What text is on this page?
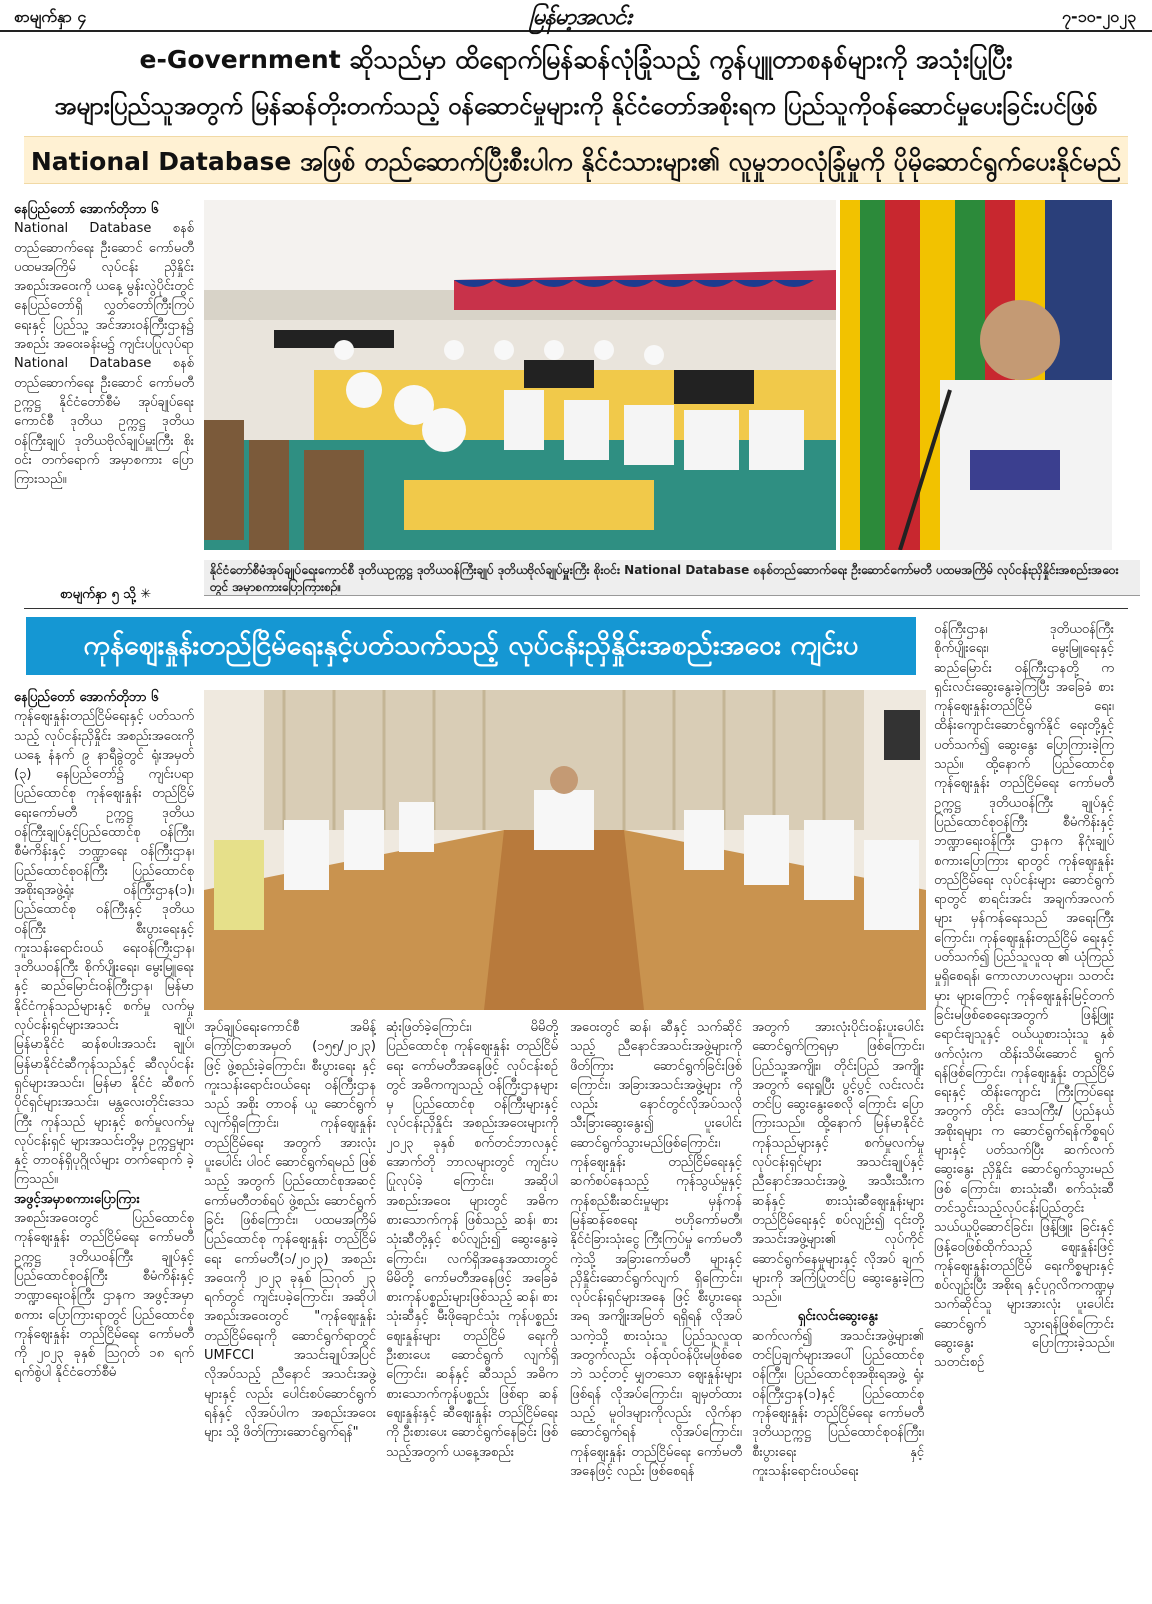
စာမျက်နှာ ၄	မြန်မာ့အလင်း	၇-၁၀-၂၀၂၃
e-Government ဆိုသည်မှာ ထိရောက်မြန်ဆန်လုံခြုံသည့် ကွန်ပျူတာစနစ်များကို အသုံးပြုပြီး
အများပြည်သူအတွက် မြန်ဆန်တိုးတက်သည့် ဝန်ဆောင်မှုများကို နိုင်ငံတော်အစိုးရက ပြည်သူကိုဝန်ဆောင်မှုပေးခြင်းပင်ဖြစ်
National Database အဖြစ် တည်ဆောက်ပြီးစီးပါက နိုင်ငံသားများ၏ လူမှုဘဝလုံခြုံမှုကို ပိုမိုဆောင်ရွက်ပေးနိုင်မည်

နေပြည်တော် အောက်တိုဘာ ၆

National Database စနစ် တည်ဆောက်ရေး ဦးဆောင် ကော်မတီ ပထမအကြိမ် လုပ်ငန်း ညှိနှိုင်းအစည်းအဝေးကို ယနေ့ မွန်းလွဲပိုင်းတွင် နေပြည်တော်ရှိ လွှတ်တော်ကြီးကြပ်ရေးနှင့် ပြည်သူ့ အင်အားဝန်ကြီးဌာန၌ အစည်း အဝေးခန်းမ၌ ကျင်းပပြုလုပ်ရာ National Database စနစ် တည်ဆောက်ရေး ဦးဆောင် ကော်မတီဥက္ကဋ္ဌ နိုင်ငံတော်စီမံ အုပ်ချုပ်ရေးကောင်စီ ဒုတိယ ဥက္ကဋ္ဌ ဒုတိယဝန်ကြီးချုပ် ဒုတိယဗိုလ်ချုပ်မှူးကြီး စိုးဝင်း တက်ရောက် အမှာစကား ပြောကြားသည်။

စာမျက်နှာ ၅ သို့ ✳
နိုင်ငံတော်စီမံအုပ်ချုပ်ရေးကောင်စီ ဒုတိယဥက္ကဋ္ဌ ဒုတိယဝန်ကြီးချုပ် ဒုတိယဗိုလ်ချုပ်မှူးကြီး စိုးဝင်း National Database စနစ်တည်ဆောက်ရေး ဦးဆောင်ကော်မတီ ပထမအကြိမ် လုပ်ငန်းညှိနှိုင်းအစည်းအဝေးတွင် အမှာစကားပြောကြားစဉ်။
ကုန်ဈေးနှုန်းတည်ငြိမ်ရေးနှင့်ပတ်သက်သည့် လုပ်ငန်းညှိနှိုင်းအစည်းအဝေး ကျင်းပ

ဝန်ကြီးဌာန၊ ဒုတိယဝန်ကြီး စိုက်ပျိုးရေး၊ မွေးမြူရေးနှင့် ဆည်မြောင်း ဝန်ကြီးဌာနတို့ က ရှင်းလင်းဆွေးနွေးခဲ့ကြပြီး အခြေခံ စားကုန်ဈေးနှုန်းတည်ငြိမ် ရေး၊ ထိန်းကျောင်းဆောင်ရွက်နိုင် ရေးတို့နှင့်ပတ်သက်၍ ဆွေးနွေး ပြောကြားခဲ့ကြသည်။ ထို့နောက် ပြည်ထောင်စု ကုန်ဈေးနှုန်း တည်ငြိမ်ရေး ကော်မတီဥက္ကဋ္ဌ ဒုတိယဝန်ကြီး ချုပ်နှင့် ပြည်ထောင်စုဝန်ကြီး စီမံကိန်းနှင့် ဘဏ္ဍာရေးဝန်ကြီး ဌာနက နိဂုံးချုပ်စကားပြောကြား ရာတွင် ကုန်ဈေးနှုန်းတည်ငြိမ်ရေး လုပ်ငန်းများ ဆောင်ရွက်ရာတွင် စာရင်းအင်း အချက်အလက်များ မှန်ကန်ရေးသည် အရေးကြီး ကြောင်း၊ ကုန်ဈေးနှုန်းတည်ငြိမ် ရေးနှင့်ပတ်သက်၍ ပြည်သူလူထု ၏ ယုံကြည်မှုရှိစေရန်၊ ကောလာဟလများ၊ သတင်းမှား များကြောင့် ကုန်ဈေးနှုန်းမြင့်တက် ခြင်းမဖြစ်စေရေးအတွက် ဖြန့်ဖြူး ရောင်းချသူနှင့် ဝယ်ယူစားသုံးသူ နှစ်ဖက်လုံးက ထိန်းသိမ်းဆောင် ရွက်ရန်ဖြစ်ကြောင်း၊ ကုန်ဈေးနှုန်း တည်ငြိမ်ရေးနှင့် ထိန်းကျောင်း ကြီးကြပ်ရေးအတွက် တိုင်း ဒေသကြီး/ ပြည်နယ်အစိုးရများ က ဆောင်ရွက်ရန်ကိစ္စရပ်များနှင့် ပတ်သက်ပြီး ဆက်လက်ဆွေးနွေး ညှိနှိုင်း ဆောင်ရွက်သွားမည်ဖြစ် ကြောင်း၊ စားသုံးဆီ၊ စက်သုံးဆီ တင်သွင်းသည့်လုပ်ငန်းပြည်တွင်း သယ်ယူပို့ဆောင်ခြင်း၊ ဖြန့်ဖြူး ခြင်းနှင့် ဖြန့်ဝေဖြစ်ထိုက်သည့် ဈေးနှုန်းဖြင့် ကုန်ဈေးနှုန်းတည်ငြိမ် ရေးကိစ္စများနှင့်စပ်လျဉ်းပြီး အစိုးရ နှင့်ပုဂ္ဂလိကကဏ္ဍမှ သက်ဆိုင်သူ များအားလုံး ပူးပေါင်းဆောင်ရွက် သွားရန်ဖြစ်ကြောင်း ဆွေးနွေး ပြောကြားခဲ့သည်။ သတင်းစဉ်

နေပြည်တော် အောက်တိုဘာ ၆

ကုန်ဈေးနှုန်းတည်ငြိမ်ရေးနှင့် ပတ်သက်သည့် လုပ်ငန်းညှိနှိုင်း အစည်းအဝေးကို ယနေ့ နံနက် ၉ နာရီခွဲတွင် ရုံးအမှတ် (၃) နေပြည်တော်၌ ကျင်းပရာ ပြည်ထောင်စု ကုန်ဈေးနှုန်း တည်ငြိမ်ရေးကော်မတီ ဥက္ကဋ္ဌ ဒုတိယဝန်ကြီးချုပ်နှင့်ပြည်ထောင်စု ဝန်ကြီး၊ စီမံကိန်းနှင့် ဘဏ္ဍာရေး ဝန်ကြီးဌာန၊ပြည်ထောင်စုဝန်ကြီး ပြည်ထောင်စု အစိုးရအဖွဲ့ရုံး ဝန်ကြီးဌာန(၁)၊ ပြည်ထောင်စု ဝန်ကြီးနှင့် ဒုတိယဝန်ကြီး စီးပွားရေးနှင့် ကူးသန်းရောင်းဝယ် ရေးဝန်ကြီးဌာန၊ ဒုတိယဝန်ကြီး စိုက်ပျိုးရေး၊ မွေးမြူရေးနှင့် ဆည်မြောင်းဝန်ကြီးဌာန၊ မြန်မာ နိုင်ငံကုန်သည်များနှင့် စက်မှု လက်မှု လုပ်ငန်းရှင်များအသင်း ချုပ်၊ မြန်မာနိုင်ငံ ဆန်စပါးအသင်း ချုပ်၊ မြန်မာနိုင်ငံဆီကုန်သည်နှင့် ဆီလုပ်ငန်းရှင်များအသင်း၊ မြန်မာ နိုင်ငံ ဆီစက်ပိုင်ရှင်များအသင်း၊ မန္တလေးတိုင်းဒေသကြီး ကုန်သည် များနှင့် စက်မှုလက်မှုလုပ်ငန်းရှင် များအသင်းတို့မှ ဥက္ကဋ္ဌများနှင့် တာဝန်ရှိပုဂ္ဂိုလ်များ တက်ရောက် ခဲ့ကြသည်။

အဖွင့်အမှာစကားပြောကြား

အစည်းအဝေးတွင် ပြည်ထောင်စု ကုန်ဈေးနှုန်း တည်ငြိမ်ရေး ကော်မတီဥက္ကဋ္ဌ ဒုတိယဝန်ကြီး ချုပ်နှင့် ပြည်ထောင်စုဝန်ကြီး စီမံကိန်းနှင့် ဘဏ္ဍာရေးဝန်ကြီး ဌာနက အဖွင့်အမှာစကား ပြောကြားရာတွင် ပြည်ထောင်စု ကုန်ဈေးနှုန်း တည်ငြိမ်ရေး ကော်မတီကို ၂၀၂၃ ခုနှစ် ဩဂုတ် ၁၈ ရက် ရက်စွဲပါ နိုင်ငံတော်စီမံ

အုပ်ချုပ်ရေးကောင်စီ အမိန့် ကြော်ငြာစာအမှတ် (၁၅၅/၂၀၂၃) ဖြင့် ဖွဲ့စည်းခဲ့ကြောင်း၊ စီးပွားရေး နှင့် ကူးသန်းရောင်းဝယ်ရေး ဝန်ကြီးဌာနသည် အစိုး တာဝန် ယူ ဆောင်ရွက်လျက်ရှိကြောင်း၊ ကုန်ဈေးနှုန်း တည်ငြိမ်ရေး အတွက် အားလုံးပူးပေါင်း ပါဝင် ဆောင်ရွက်ရမည် ဖြစ်သည့် အတွက် ပြည်ထောင်စုအဆင့် ကော်မတီတစ်ရပ် ဖွဲ့စည်း ဆောင်ရွက်ခြင်း ဖြစ်ကြောင်း၊ ပထမအကြိမ် ပြည်ထောင်စု ကုန်ဈေးနှုန်း တည်ငြိမ်ရေး ကော်မတီ(၁/၂၀၂၃) အစည်း အဝေးကို ၂၀၂၃ ခုနှစ် ဩဂုတ် ၂၃ ရက်တွင် ကျင်းပခဲ့ကြောင်း၊ အဆိုပါ အစည်းအဝေးတွင် "ကုန်ဈေးနှုန်း တည်ငြိမ်ရေးကို ဆောင်ရွက်ရာတွင် UMFCCI အသင်းချုပ်အပြင် လိုအပ်သည့် ညီနောင် အသင်းအဖွဲ့များနှင့် လည်း ပေါင်းစပ်ဆောင်ရွက်ရန်နှင့် လိုအပ်ပါက အစည်းအဝေးများ သို့ ဖိတ်ကြားဆောင်ရွက်ရန်"

ဆုံးဖြတ်ခဲ့ကြောင်း၊ မိမိတို့ ပြည်ထောင်စု ကုန်ဈေးနှုန်း တည်ငြိမ်ရေး ကော်မတီအနေဖြင့် လုပ်ငန်းစဉ်တွင် အဓိကကျသည့် ဝန်ကြီးဌာနများမှ ပြည်ထောင်စု ဝန်ကြီးများနှင့် လုပ်ငန်းညှိနှိုင်း အစည်းအဝေးများကို ၂၀၂၃ ခုနှစ် စက်တင်ဘာလနှင့် အောက်တို ဘာလများတွင် ကျင်းပပြုလုပ်ခဲ့ ကြောင်း၊ အဆိုပါ အစည်းအဝေး များတွင် အဓိကစားသောက်ကုန် ဖြစ်သည့် ဆန်၊ စားသုံးဆီတို့နှင့် စပ်လျဉ်း၍ ဆွေးနွေးခဲ့ကြောင်း၊ လက်ရှိအနေအထားတွင် မိမိတို့ ကော်မတီအနေဖြင့် အခြေခံ စားကုန်ပစ္စည်းများဖြစ်သည့် ဆန်၊ စားသုံးဆီနှင့် မီးဖိုချောင်သုံး ကုန်ပစ္စည်းဈေးနှုန်းများ တည်ငြိမ် ရေးကို ဦးစားပေး ဆောင်ရွက် လျက်ရှိကြောင်း၊ ဆန်နှင့် ဆီသည် အဓိက စားသောက်ကုန်ပစ္စည်း ဖြစ်ရာ ဆန်ဈေးနှုန်းနှင့် ဆီဈေးနှုန်း တည်ငြိမ်ရေးကို ဦးစားပေး ဆောင်ရွက်နေခြင်း ဖြစ်သည့်အတွက် ယနေ့အစည်း

အဝေးတွင် ဆန်၊ ဆီနှင့် သက်ဆိုင် သည့် ညီနောင်အသင်းအဖွဲ့များကို ဖိတ်ကြား ဆောင်ရွက်ခြင်းဖြစ် ကြောင်း၊ အခြားအသင်းအဖွဲ့များ ကိုလည်း နောင်တွင်လိုအပ်သလို သီးခြားဆွေးနွေး၍ ပူးပေါင်း ဆောင်ရွက်သွားမည်ဖြစ်ကြောင်း၊ ကုန်ဈေးနှုန်း တည်ငြိမ်ရေးနှင့် ဆက်စပ်နေသည့် ကုန်သွယ်မှုနှင့် ကုန်စည်စီးဆင်းမှုများ မှန်ကန် မြန်ဆန်စေရေး ဗဟိုကော်မတီ၊ နိုင်ငံခြားသုံးငွေ ကြီးကြပ်မှု ကော်မတီကဲ့သို့ အခြားကော်မတီ များနှင့် ညှိနှိုင်းဆောင်ရွက်လျက် ရှိကြောင်း၊ လုပ်ငန်းရှင်များအနေ ဖြင့် စီးပွားရေးအရ အကျိုးအမြတ် ရရှိရန် လိုအပ်သကဲ့သို့ စားသုံးသူ ပြည်သူလူထု အတွက်လည်း ဝန်ထုပ်ဝန်ပိုးမဖြစ်စေဘဲ သင့်တင့် မျှတသော ဈေးနှုန်းများဖြစ်ရန် လိုအပ်ကြောင်း၊ ချမှတ်ထားသည့် မူဝါဒများကိုလည်း လိုက်နာ ဆောင်ရွက်ရန် လိုအပ်ကြောင်း၊ ကုန်ဈေးနှုန်း တည်ငြိမ်ရေး ကော်မတီအနေဖြင့် လည်း ဖြစ်စေရန်

အတွက် အားလုံးပိုင်းဝန်းပူးပေါင်း ဆောင်ရွက်ကြရမှာ ဖြစ်ကြောင်း၊ ပြည်သူ့အကျိုး၊ တိုင်းပြည် အကျိုးအတွက် ရေးရှုပြီး ပွင့်ပွင့် လင်းလင်းတင်ပြ ဆွေးနွေးစေလို ကြောင်း ပြောကြားသည်။ ထို့နောက် မြန်မာနိုင်ငံ ကုန်သည်များနှင့် စက်မှုလက်မှု လုပ်ငန်းရှင်များ အသင်းချုပ်နှင့် ညီနောင်အသင်းအဖွဲ့ အသီးသီးက ဆန်နှင့် စားသုံးဆီဈေးနှုန်းများ တည်ငြိမ်ရေးနှင့် စပ်လျဉ်း၍ ၎င်းတို့အသင်းအဖွဲ့များ၏ လုပ်ကိုင် ဆောင်ရွက်နေမှုများနှင့် လိုအပ် ချက်များကို အကြံပြုတင်ပြ ဆွေးနွေးခဲ့ကြသည်။

ရှင်းလင်းဆွေးနွေး

ဆက်လက်၍ အသင်းအဖွဲ့များ၏ တင်ပြချက်များအပေါ် ပြည်ထောင်စု ဝန်ကြီး၊ ပြည်ထောင်စုအစိုးရအဖွဲ့ ရုံး ဝန်ကြီးဌာန(၁)နှင့် ပြည်ထောင်စု ကုန်ဈေးနှုန်း တည်ငြိမ်ရေး ကော်မတီ ဒုတိယဥက္ကဋ္ဌ ပြည်ထောင်စုဝန်ကြီး၊ စီးပွားရေး နှင့် ကူးသန်းရောင်းဝယ်ရေး
